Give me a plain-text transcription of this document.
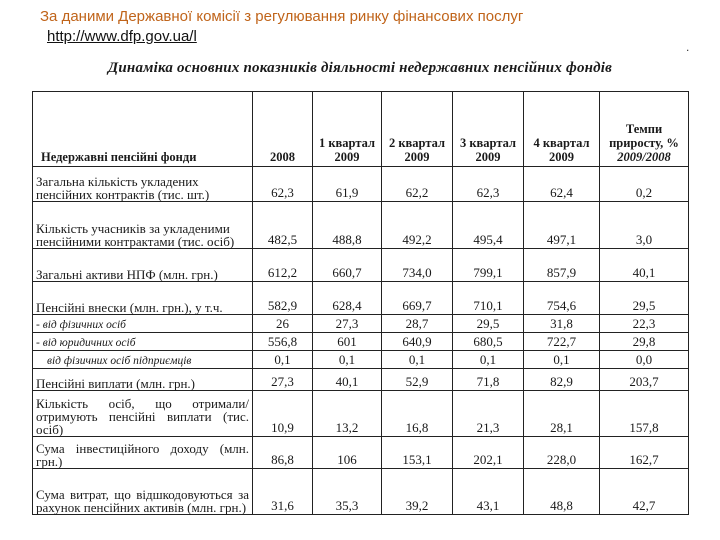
За даними Державної комісії з регулювання ринку фінансових послуг
http://www.dfp.gov.ua/l
.
Динаміка основних показників діяльності недержавних пенсійних фондів
Недержавні пенсійні фонди	2008	1 квартал 2009	2 квартал 2009	3 квартал 2009	4 квартал 2009	Темпи приросту, %
2009/2008

Загальна кількість укладених пенсійних контрактів (тис. шт.)	62,3	61,9	62,2	62,3	62,4	0,2
Кількість учасників за укладеними пенсійними контрактами (тис. осіб)	482,5	488,8	492,2	495,4	497,1	3,0
Загальні активи НПФ (млн. грн.)	612,2	660,7	734,0	799,1	857,9	40,1
Пенсійні внески (млн. грн.), у т.ч.	582,9	628,4	669,7	710,1	754,6	29,5
- від фізичних осіб	26	27,3	28,7	29,5	31,8	22,3
- від юридичних осіб	556,8	601	640,9	680,5	722,7	29,8
від фізичних осіб підприємців	0,1	0,1	0,1	0,1	0,1	0,0
Пенсійні виплати (млн. грн.)	27,3	40,1	52,9	71,8	82,9	203,7
Кількість осіб, що отримали/ отримують пенсійні виплати (тис. осіб)	10,9	13,2	16,8	21,3	28,1	157,8
Сума інвестиційного доходу (млн. грн.)	86,8	106	153,1	202,1	228,0	162,7
Сума витрат, що відшкодовуються за рахунок пенсійних активів (млн. грн.)	31,6	35,3	39,2	43,1	48,8	42,7
